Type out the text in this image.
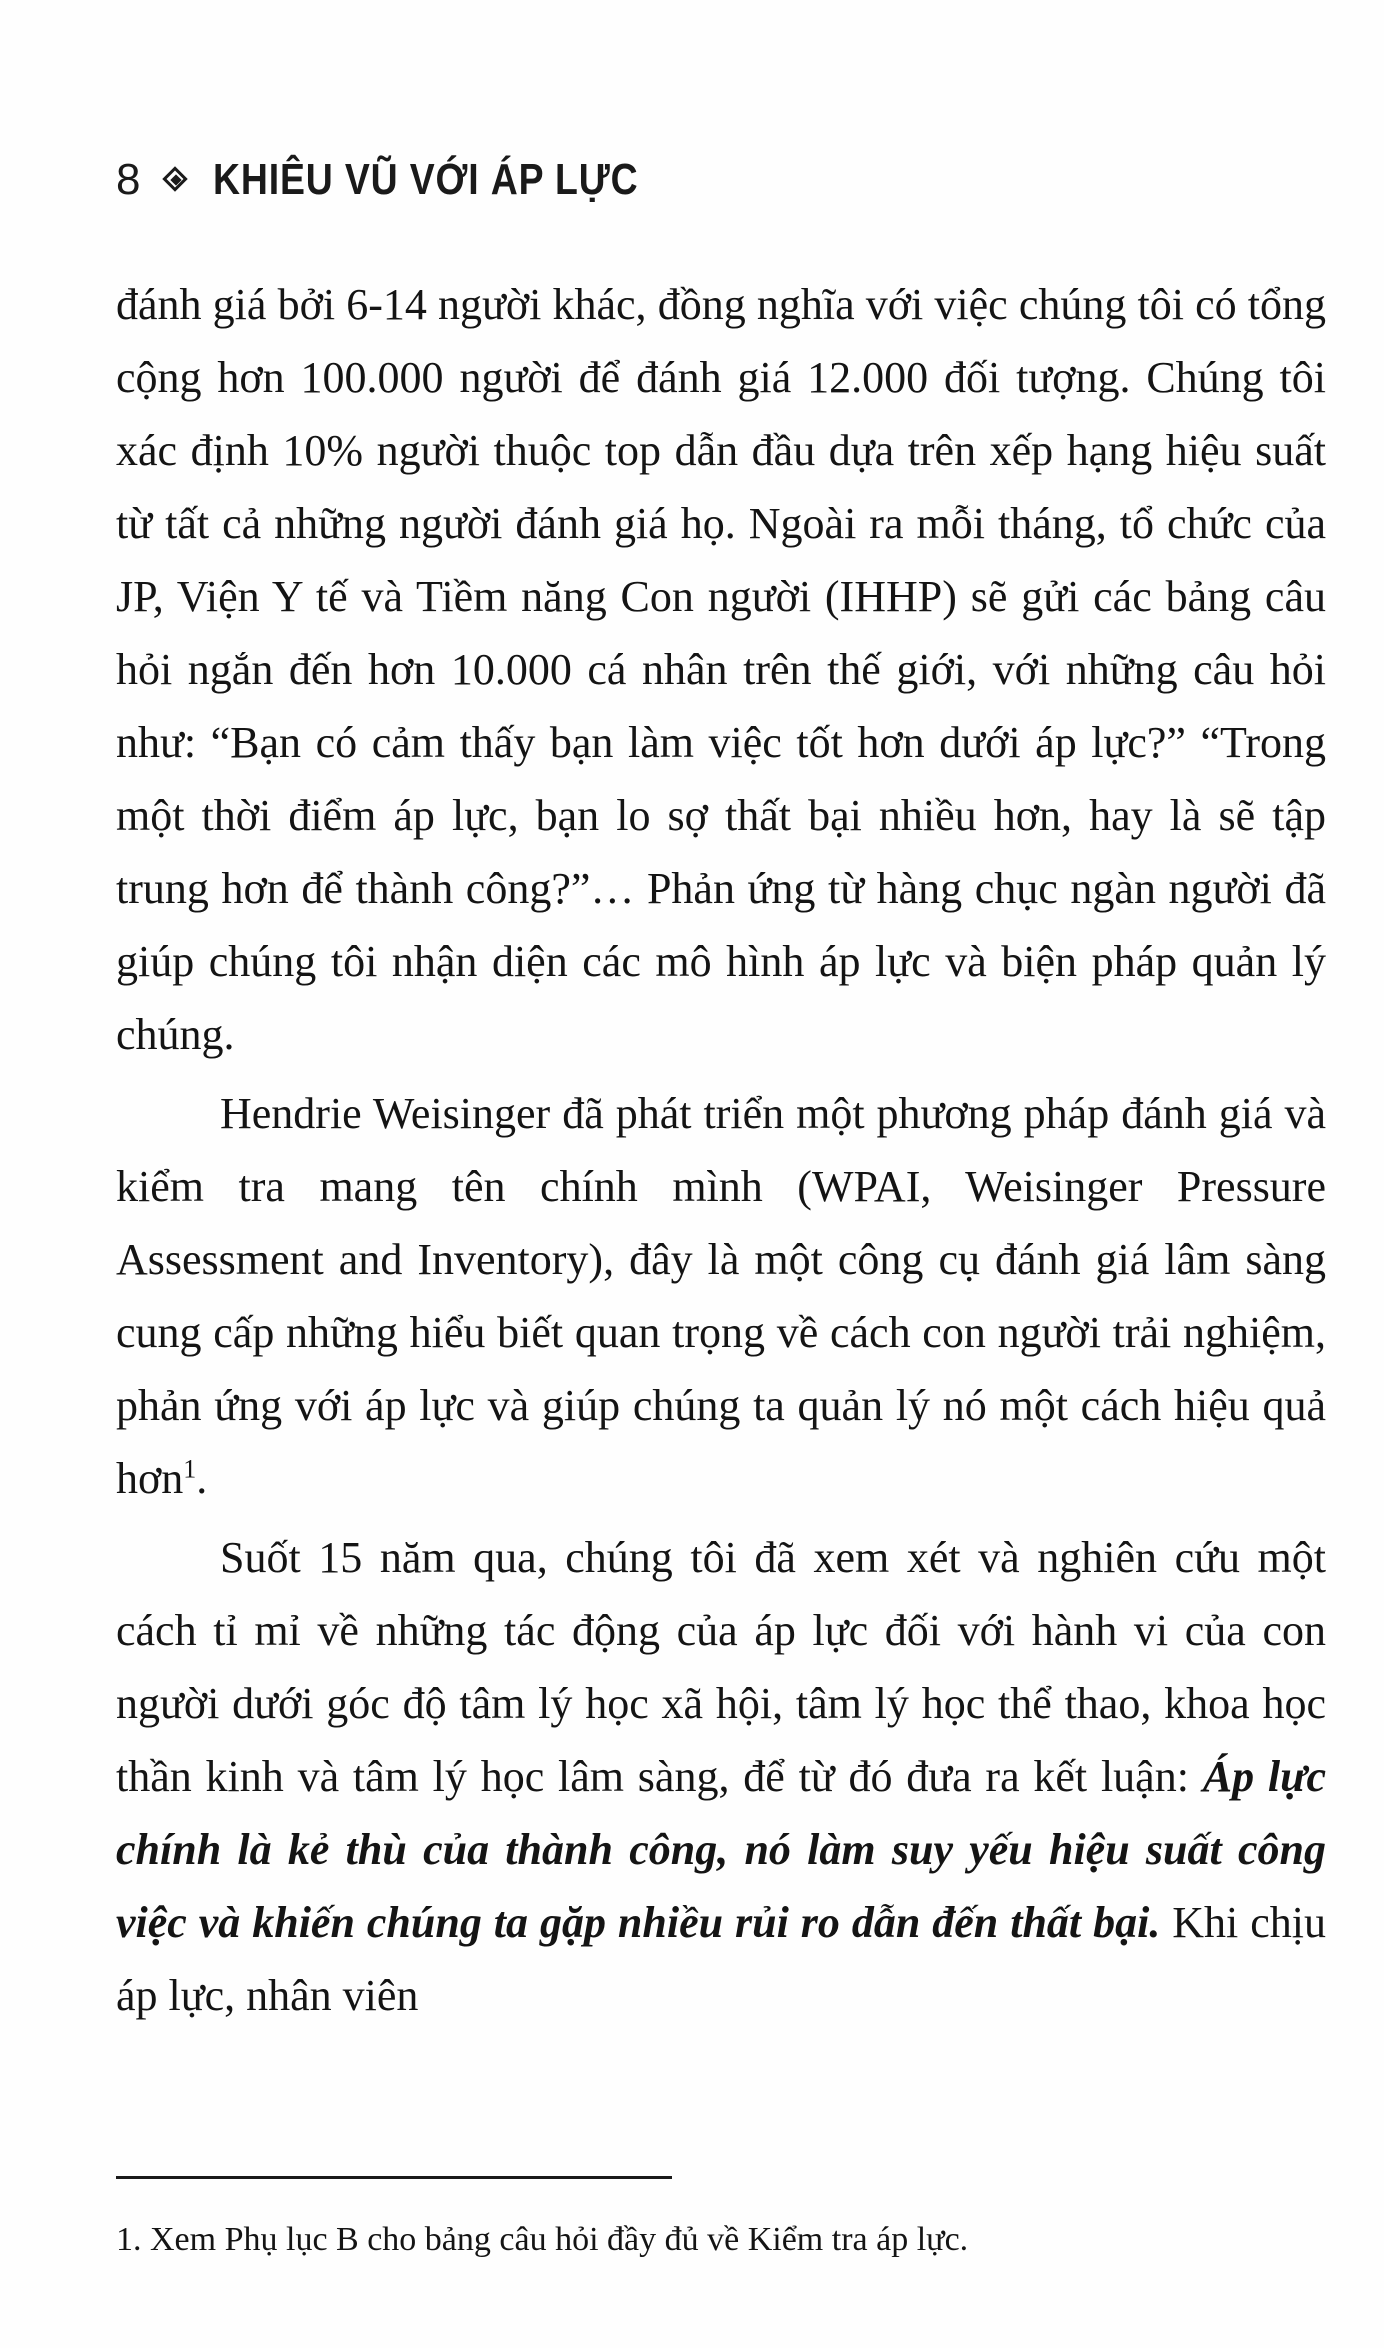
8 KHIÊU VŨ VỚI ÁP LỰC

đánh giá bởi 6-14 người khác, đồng nghĩa với việc chúng tôi có tổng cộng hơn 100.000 người để đánh giá 12.000 đối tượng. Chúng tôi xác định 10% người thuộc top dẫn đầu dựa trên xếp hạng hiệu suất từ tất cả những người đánh giá họ. Ngoài ra mỗi tháng, tổ chức của JP, Viện Y tế và Tiềm năng Con người (IHHP) sẽ gửi các bảng câu hỏi ngắn đến hơn 10.000 cá nhân trên thế giới, với những câu hỏi như: “Bạn có cảm thấy bạn làm việc tốt hơn dưới áp lực?” “Trong một thời điểm áp lực, bạn lo sợ thất bại nhiều hơn, hay là sẽ tập trung hơn để thành công?”… Phản ứng từ hàng chục ngàn người đã giúp chúng tôi nhận diện các mô hình áp lực và biện pháp quản lý chúng.

Hendrie Weisinger đã phát triển một phương pháp đánh giá và kiểm tra mang tên chính mình (WPAI, Weisinger Pressure Assessment and Inventory), đây là một công cụ đánh giá lâm sàng cung cấp những hiểu biết quan trọng về cách con người trải nghiệm, phản ứng với áp lực và giúp chúng ta quản lý nó một cách hiệu quả hơn$^1$.

Suốt 15 năm qua, chúng tôi đã xem xét và nghiên cứu một cách tỉ mỉ về những tác động của áp lực đối với hành vi của con người dưới góc độ tâm lý học xã hội, tâm lý học thể thao, khoa học thần kinh và tâm lý học lâm sàng, để từ đó đưa ra kết luận: Áp lực chính là kẻ thù của thành công, nó làm suy yếu hiệu suất công việc và khiến chúng ta gặp nhiều rủi ro dẫn đến thất bại. Khi chịu áp lực, nhân viên

1. Xem Phụ lục B cho bảng câu hỏi đầy đủ về Kiểm tra áp lực.
